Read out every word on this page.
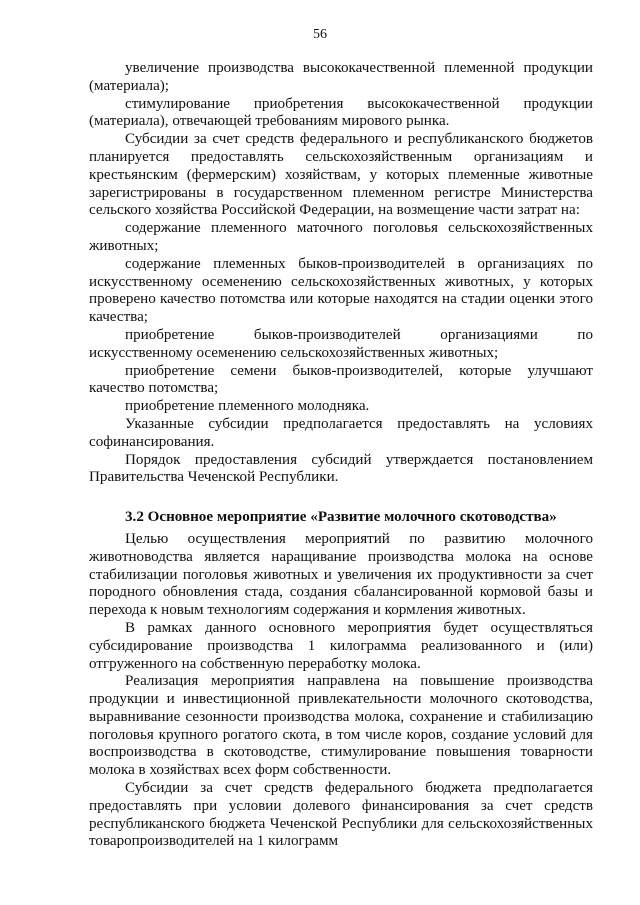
56

увеличение производства высококачественной племенной продукции (материала);

стимулирование приобретения высококачественной продукции (материала), отвечающей требованиям мирового рынка.

Субсидии за счет средств федерального и республиканского бюджетов планируется предоставлять сельскохозяйственным организациям и крестьянским (фермерским) хозяйствам, у которых племенные животные зарегистрированы в государственном племенном регистре Министерства сельского хозяйства Российской Федерации, на возмещение части затрат на:

содержание племенного маточного поголовья сельскохозяйственных животных;

содержание племенных быков-производителей в организациях по искусственному осеменению сельскохозяйственных животных, у которых проверено качество потомства или которые находятся на стадии оценки этого качества;

приобретение быков-производителей организациями по искусственному осеменению сельскохозяйственных животных;

приобретение семени быков-производителей, которые улучшают качество потомства;

приобретение племенного молодняка.

Указанные субсидии предполагается предоставлять на условиях софинансирования.

Порядок предоставления субсидий утверждается постановлением Правительства Чеченской Республики.

3.2 Основное мероприятие «Развитие молочного скотоводства»

Целью осуществления мероприятий по развитию молочного животноводства является наращивание производства молока на основе стабилизации поголовья животных и увеличения их продуктивности за счет породного обновления стада, создания сбалансированной кормовой базы и перехода к новым технологиям содержания и кормления животных.

В рамках данного основного мероприятия будет осуществляться субсидирование производства 1 килограмма реализованного и (или) отгруженного на собственную переработку молока.

Реализация мероприятия направлена на повышение производства продукции и инвестиционной привлекательности молочного скотоводства, выравнивание сезонности производства молока, сохранение и стабилизацию поголовья крупного рогатого скота, в том числе коров, создание условий для воспроизводства в скотоводстве, стимулирование повышения товарности молока в хозяйствах всех форм собственности.

Субсидии за счет средств федерального бюджета предполагается предоставлять при условии долевого финансирования за счет средств республиканского бюджета Чеченской Республики для сельскохозяйственных товаропроизводителей на 1 килограмм
